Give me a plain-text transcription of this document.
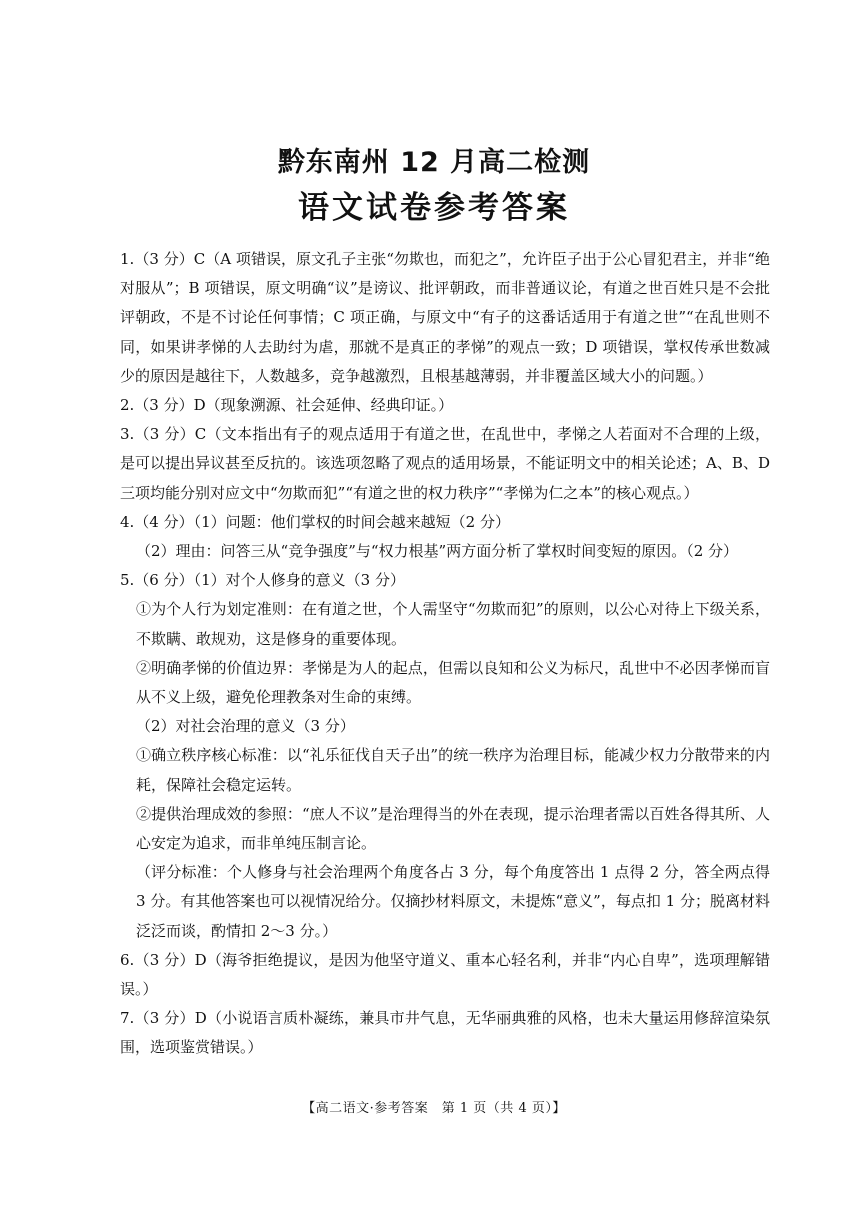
黔东南州 12 月高二检测
语文试卷参考答案

1.（3 分）C（A 项错误，原文孔子主张“勿欺也，而犯之”，允许臣子出于公心冒犯君主，并非“绝对服从”；B 项错误，原文明确“议”是谤议、批评朝政，而非普通议论，有道之世百姓只是不会批评朝政，不是不讨论任何事情；C 项正确，与原文中“有子的这番话适用于有道之世”“在乱世则不同，如果讲孝悌的人去助纣为虐，那就不是真正的孝悌”的观点一致；D 项错误，掌权传承世数减少的原因是越往下，人数越多，竞争越激烈，且根基越薄弱，并非覆盖区域大小的问题。）

2.（3 分）D（现象溯源、社会延伸、经典印证。）

3.（3 分）C（文本指出有子的观点适用于有道之世，在乱世中，孝悌之人若面对不合理的上级，是可以提出异议甚至反抗的。该选项忽略了观点的适用场景，不能证明文中的相关论述；A、B、D 三项均能分别对应文中“勿欺而犯”“有道之世的权力秩序”“孝悌为仁之本”的核心观点。）

4.（4 分）（1）问题：他们掌权的时间会越来越短（2 分）

（2）理由：问答三从“竞争强度”与“权力根基”两方面分析了掌权时间变短的原因。（2 分）

5.（6 分）（1）对个人修身的意义（3 分）

①为个人行为划定准则：在有道之世，个人需坚守“勿欺而犯”的原则，以公心对待上下级关系，不欺瞒、敢规劝，这是修身的重要体现。

②明确孝悌的价值边界：孝悌是为人的起点，但需以良知和公义为标尺，乱世中不必因孝悌而盲从不义上级，避免伦理教条对生命的束缚。

（2）对社会治理的意义（3 分）

①确立秩序核心标准：以“礼乐征伐自天子出”的统一秩序为治理目标，能减少权力分散带来的内耗，保障社会稳定运转。

②提供治理成效的参照：“庶人不议”是治理得当的外在表现，提示治理者需以百姓各得其所、人心安定为追求，而非单纯压制言论。

（评分标准：个人修身与社会治理两个角度各占 3 分，每个角度答出 1 点得 2 分，答全两点得 3 分。有其他答案也可以视情况给分。仅摘抄材料原文，未提炼“意义”，每点扣 1 分；脱离材料泛泛而谈，酌情扣 2～3 分。）

6.（3 分）D（海爷拒绝提议，是因为他坚守道义、重本心轻名利，并非“内心自卑”，选项理解错误。）

7.（3 分）D（小说语言质朴凝练，兼具市井气息，无华丽典雅的风格，也未大量运用修辞渲染氛围，选项鉴赏错误。）

【高二语文·参考答案　第 1 页（共 4 页）】
